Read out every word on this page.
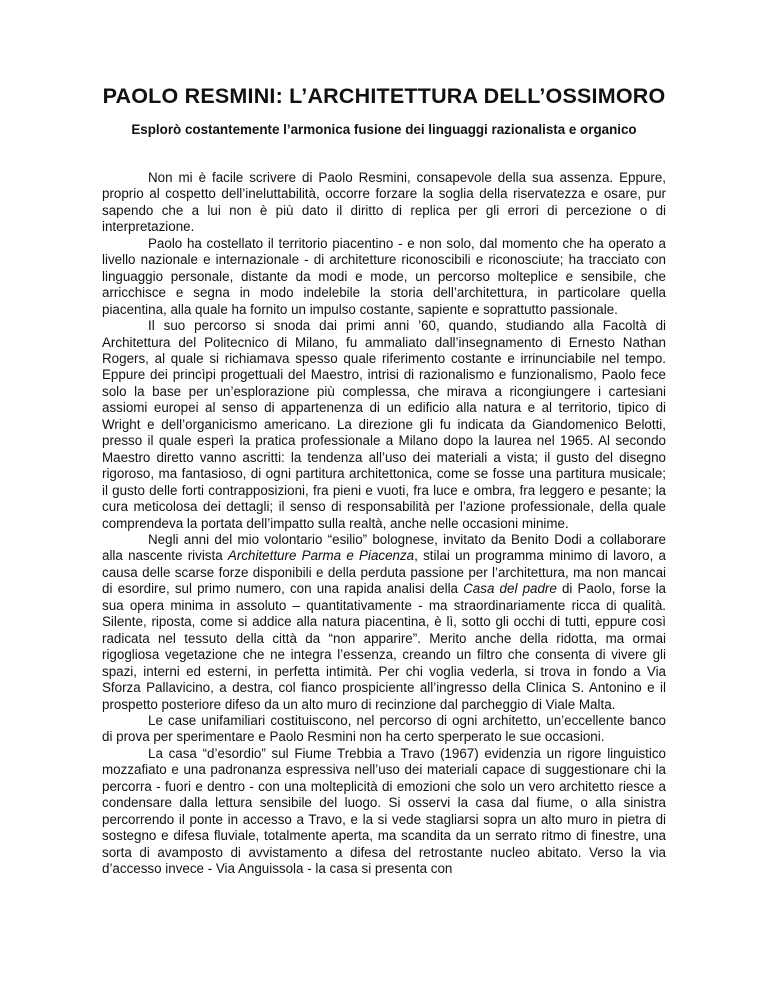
PAOLO RESMINI: L’ARCHITETTURA DELL’OSSIMORO
Esplorò costantemente l’armonica fusione dei linguaggi razionalista e organico

Non mi è facile scrivere di Paolo Resmini, consapevole della sua assenza. Eppure, proprio al cospetto dell’ineluttabilità, occorre forzare la soglia della riservatezza e osare, pur sapendo che a lui non è più dato il diritto di replica per gli errori di percezione o di interpretazione.

Paolo ha costellato il territorio piacentino - e non solo, dal momento che ha operato a livello nazionale e internazionale - di architetture riconoscibili e riconosciute; ha tracciato con linguaggio personale, distante da modi e mode, un percorso molteplice e sensibile, che arricchisce e segna in modo indelebile la storia dell’architettura, in particolare quella piacentina, alla quale ha fornito un impulso costante, sapiente e soprattutto passionale.

Il suo percorso si snoda dai primi anni ’60, quando, studiando alla Facoltà di Architettura del Politecnico di Milano, fu ammaliato dall’insegnamento di Ernesto Nathan Rogers, al quale si richiamava spesso quale riferimento costante e irrinunciabile nel tempo. Eppure dei princìpi progettuali del Maestro, intrisi di razionalismo e funzionalismo, Paolo fece solo la base per un’esplorazione più complessa, che mirava a ricongiungere i cartesiani assiomi europei al senso di appartenenza di un edificio alla natura e al territorio, tipico di Wright e dell’organicismo americano. La direzione gli fu indicata da Giandomenico Belotti, presso il quale esperì la pratica professionale a Milano dopo la laurea nel 1965. Al secondo Maestro diretto vanno ascritti: la tendenza all’uso dei materiali a vista; il gusto del disegno rigoroso, ma fantasioso, di ogni partitura architettonica, come se fosse una partitura musicale; il gusto delle forti contrapposizioni, fra pieni e vuoti, fra luce e ombra, fra leggero e pesante; la cura meticolosa dei dettagli; il senso di responsabilità per l’azione professionale, della quale comprendeva la portata dell’impatto sulla realtà, anche nelle occasioni minime.

Negli anni del mio volontario “esilio” bolognese, invitato da Benito Dodi a collaborare alla nascente rivista Architetture Parma e Piacenza, stilai un programma minimo di lavoro, a causa delle scarse forze disponibili e della perduta passione per l’architettura, ma non mancai di esordire, sul primo numero, con una rapida analisi della Casa del padre di Paolo, forse la sua opera minima in assoluto – quantitativamente - ma straordinariamente ricca di qualità. Silente, riposta, come si addice alla natura piacentina, è lì, sotto gli occhi di tutti, eppure così radicata nel tessuto della città da “non apparire”. Merito anche della ridotta, ma ormai rigogliosa vegetazione che ne integra l’essenza, creando un filtro che consenta di vivere gli spazi, interni ed esterni, in perfetta intimità. Per chi voglia vederla, si trova in fondo a Via Sforza Pallavicino, a destra, col fianco prospiciente all’ingresso della Clinica S. Antonino e il prospetto posteriore difeso da un alto muro di recinzione dal parcheggio di Viale Malta.

Le case unifamiliari costituiscono, nel percorso di ogni architetto, un’eccellente banco di prova per sperimentare e Paolo Resmini non ha certo sperperato le sue occasioni.

La casa “d’esordio” sul Fiume Trebbia a Travo (1967) evidenzia un rigore linguistico mozzafiato e una padronanza espressiva nell’uso dei materiali capace di suggestionare chi la percorra - fuori e dentro - con una molteplicità di emozioni che solo un vero architetto riesce a condensare dalla lettura sensibile del luogo. Si osservi la casa dal fiume, o alla sinistra percorrendo il ponte in accesso a Travo, e la si vede stagliarsi sopra un alto muro in pietra di sostegno e difesa fluviale, totalmente aperta, ma scandita da un serrato ritmo di finestre, una sorta di avamposto di avvistamento a difesa del retrostante nucleo abitato. Verso la via d’accesso invece - Via Anguissola - la casa si presenta con
